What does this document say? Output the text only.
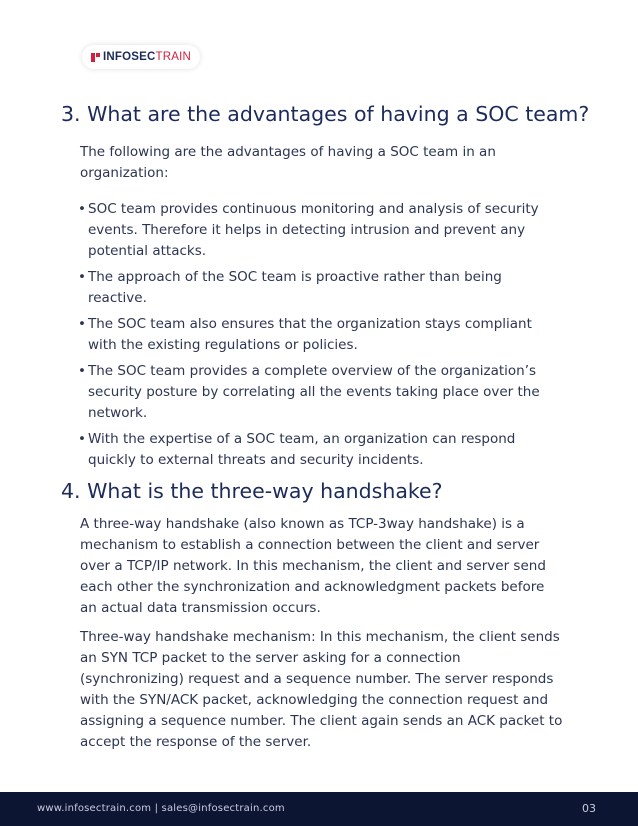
INFOSEC TRAIN
3. What are the advantages of having a SOC team?

The following are the advantages of having a SOC team in an organization:

• SOC team provides continuous monitoring and analysis of security events. Therefore it helps in detecting intrusion and prevent any potential attacks.
• The approach of the SOC team is proactive rather than being reactive.
• The SOC team also ensures that the organization stays compliant with the existing regulations or policies.
• The SOC team provides a complete overview of the organization’s security posture by correlating all the events taking place over the network.
• With the expertise of a SOC team, an organization can respond quickly to external threats and security incidents.
4. What is the three-way handshake?

A three-way handshake (also known as TCP-3way handshake) is a mechanism to establish a connection between the client and server over a TCP/IP network. In this mechanism, the client and server send each other the synchronization and acknowledgment packets before an actual data transmission occurs.

Three-way handshake mechanism: In this mechanism, the client sends an SYN TCP packet to the server asking for a connection (synchronizing) request and a sequence number. The server responds with the SYN/ACK packet, acknowledging the connection request and assigning a sequence number. The client again sends an ACK packet to accept the response of the server.

www.infosectrain.com | sales@infosectrain.com	03
